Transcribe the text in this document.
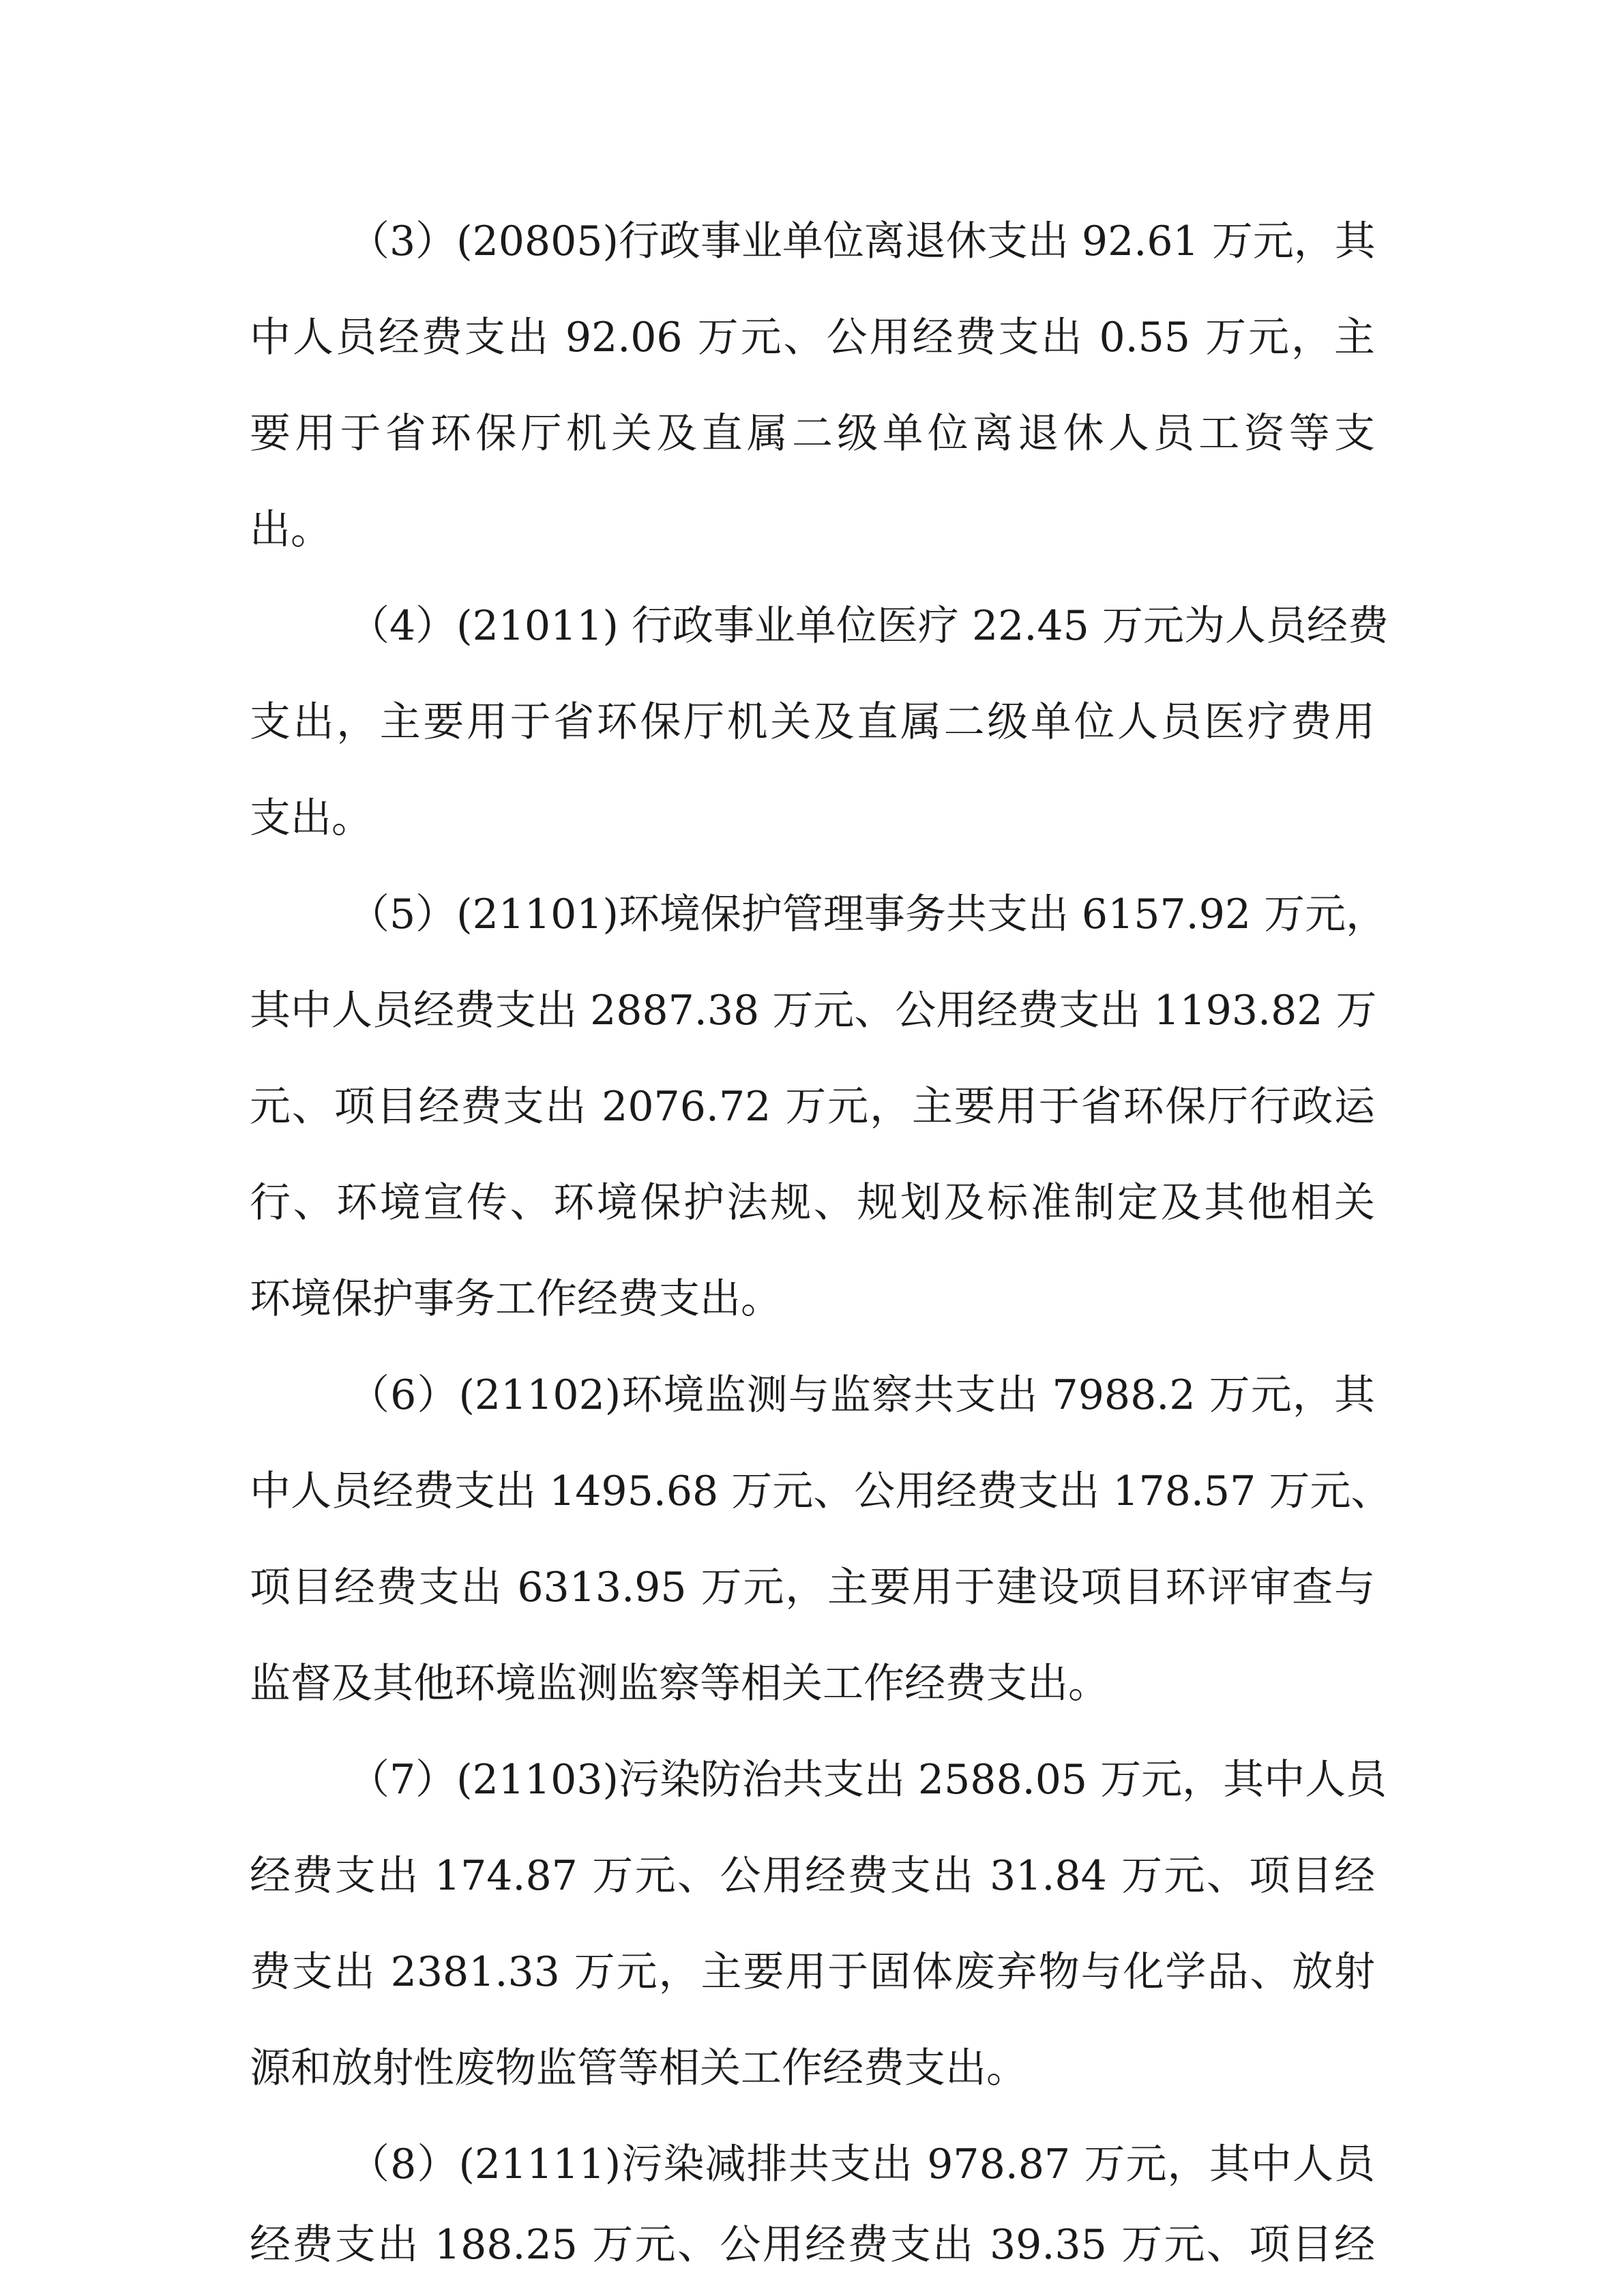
（3）(20805)行政事业单位离退休支出 92.61 万元，其
中人员经费支出 92.06 万元、公用经费支出 0.55 万元，主
要用于省环保厅机关及直属二级单位离退休人员工资等支
出。
（4）(21011) 行政事业单位医疗 22.45 万元为人员经费
支出，主要用于省环保厅机关及直属二级单位人员医疗费用
支出。
（5）(21101)环境保护管理事务共支出 6157.92 万元，
其中人员经费支出 2887.38 万元、公用经费支出 1193.82 万
元、项目经费支出 2076.72 万元，主要用于省环保厅行政运
行、环境宣传、环境保护法规、规划及标准制定及其他相关
环境保护事务工作经费支出。
（6）(21102)环境监测与监察共支出 7988.2 万元，其
中人员经费支出 1495.68 万元、公用经费支出 178.57 万元、
项目经费支出 6313.95 万元，主要用于建设项目环评审查与
监督及其他环境监测监察等相关工作经费支出。
（7）(21103)污染防治共支出 2588.05 万元，其中人员
经费支出 174.87 万元、公用经费支出 31.84 万元、项目经
费支出 2381.33 万元，主要用于固体废弃物与化学品、放射
源和放射性废物监管等相关工作经费支出。
（8）(21111)污染减排共支出 978.87 万元，其中人员
经费支出 188.25 万元、公用经费支出 39.35 万元、项目经
